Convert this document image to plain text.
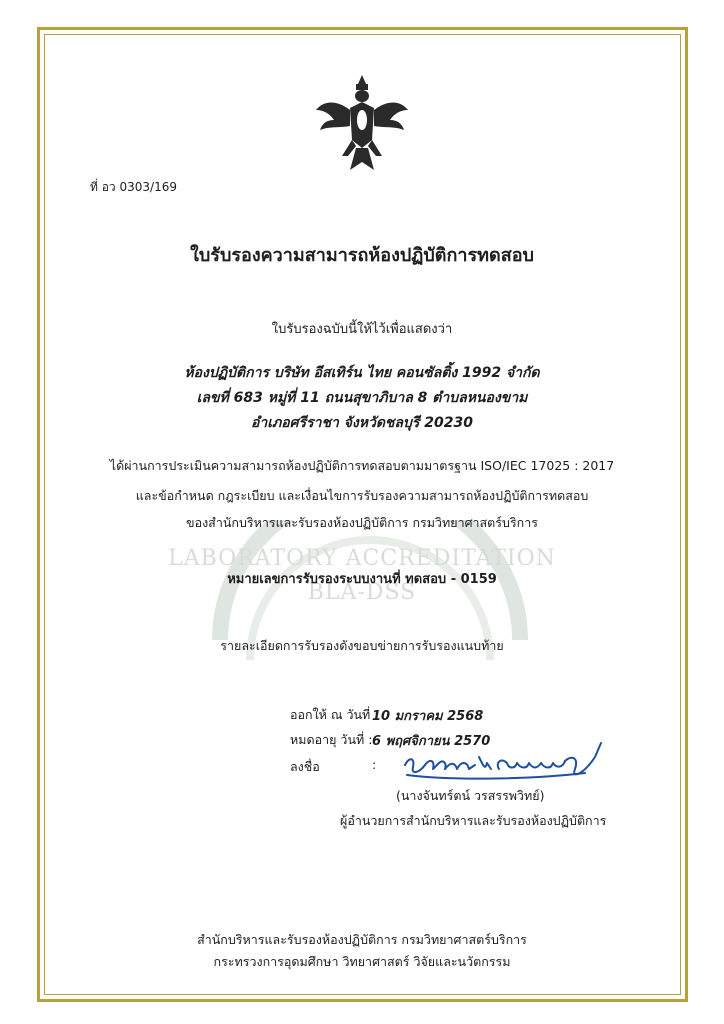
LABORATORY ACCREDITATION
BLA-DSS
ที่ อว 0303/169
ใบรับรองความสามารถห้องปฏิบัติการทดสอบ
ใบรับรองฉบับนี้ให้ไว้เพื่อแสดงว่า
ห้องปฏิบัติการ บริษัท อีสเทิร์น ไทย คอนซัลติ้ง 1992 จำกัด
เลขที่ 683 หมู่ที่ 11 ถนนสุขาภิบาล 8 ตำบลหนองขาม
อำเภอศรีราชา จังหวัดชลบุรี 20230
ได้ผ่านการประเมินความสามารถห้องปฏิบัติการทดสอบตามมาตรฐาน ISO/IEC 17025 : 2017
และข้อกำหนด กฎระเบียบ และเงื่อนไขการรับรองความสามารถห้องปฏิบัติการทดสอบ
ของสำนักบริหารและรับรองห้องปฏิบัติการ กรมวิทยาศาสตร์บริการ
หมายเลขการรับรองระบบงานที่ ทดสอบ - 0159
รายละเอียดการรับรองดังขอบข่ายการรับรองแนบท้าย
ออกให้ ณ วันที่ :
10 มกราคม 2568
หมดอายุ วันที่ : 6 พฤศจิกายน 2570
ลงชื่อ	:
(นางจันทร์ตน์ วรสรรพวิทย์)
ผู้อำนวยการสำนักบริหารและรับรองห้องปฏิบัติการ
สำนักบริหารและรับรองห้องปฏิบัติการ กรมวิทยาศาสตร์บริการ
กระทรวงการอุดมศึกษา วิทยาศาสตร์ วิจัยและนวัตกรรม
